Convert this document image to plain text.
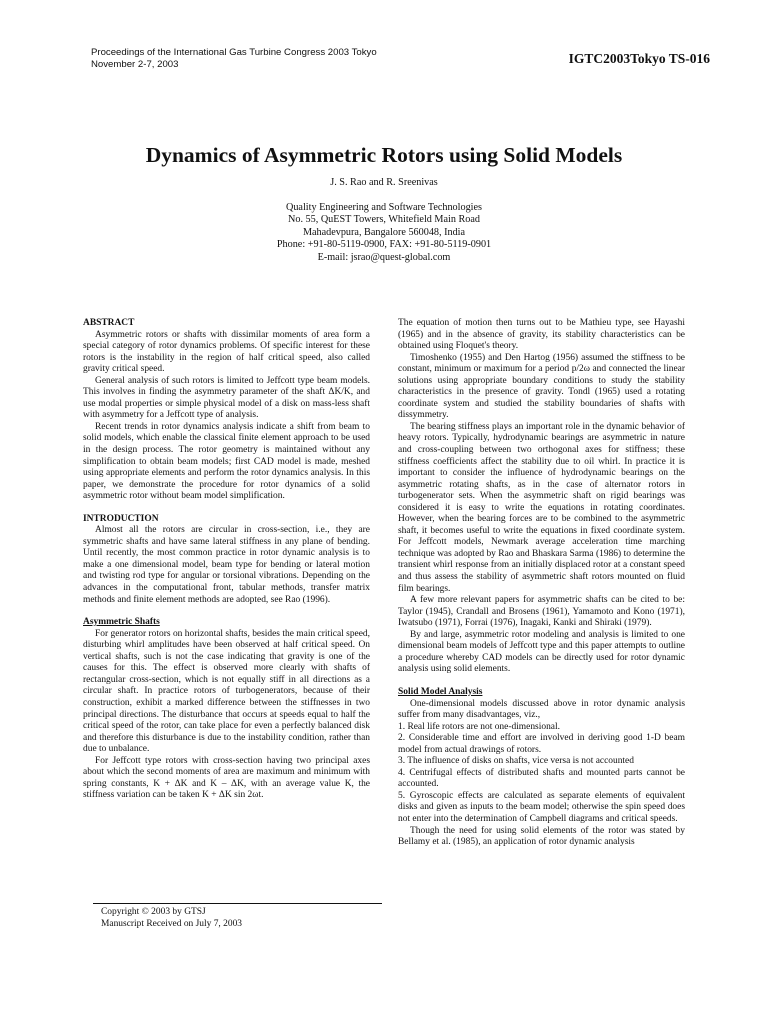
Proceedings of the International Gas Turbine Congress 2003 Tokyo
November 2-7, 2003	IGTC2003Tokyo TS-016
Dynamics of Asymmetric Rotors using Solid Models
J. S. Rao and R. Sreenivas
Quality Engineering and Software Technologies
No. 55, QuEST Towers, Whitefield Main Road
Mahadevpura, Bangalore 560048, India
Phone: +91-80-5119-0900, FAX: +91-80-5119-0901
E-mail: jsrao@quest-global.com

ABSTRACT

Asymmetric rotors or shafts with dissimilar moments of area form a special category of rotor dynamics problems. Of specific interest for these rotors is the instability in the region of half critical speed, also called gravity critical speed.

General analysis of such rotors is limited to Jeffcott type beam models. This involves in finding the asymmetry parameter of the shaft ΔK/K, and use modal properties or simple physical model of a disk on mass-less shaft with asymmetry for a Jeffcott type of analysis.

Recent trends in rotor dynamics analysis indicate a shift from beam to solid models, which enable the classical finite element approach to be used in the design process. The rotor geometry is maintained without any simplification to obtain beam models; first CAD model is made, meshed using appropriate elements and perform the rotor dynamics analysis. In this paper, we demonstrate the procedure for rotor dynamics of a solid asymmetric rotor without beam model simplification.

INTRODUCTION

Almost all the rotors are circular in cross-section, i.e., they are symmetric shafts and have same lateral stiffness in any plane of bending. Until recently, the most common practice in rotor dynamic analysis is to make a one dimensional model, beam type for bending or lateral motion and twisting rod type for angular or torsional vibrations. Depending on the advances in the computational front, tabular methods, transfer matrix methods and finite element methods are adopted, see Rao (1996).

Asymmetric Shafts

For generator rotors on horizontal shafts, besides the main critical speed, disturbing whirl amplitudes have been observed at half critical speed. On vertical shafts, such is not the case indicating that gravity is one of the causes for this. The effect is observed more clearly with shafts of rectangular cross-section, which is not equally stiff in all directions as a circular shaft. In practice rotors of turbogenerators, because of their construction, exhibit a marked difference between the stiffnesses in two principal directions. The disturbance that occurs at speeds equal to half the critical speed of the rotor, can take place for even a perfectly balanced disk and therefore this disturbance is due to the instability condition, rather than due to unbalance.

For Jeffcott type rotors with cross-section having two principal axes about which the second moments of area are maximum and minimum with spring constants, K + ΔK and K – ΔK, with an average value K, the stiffness variation can be taken K + ΔK sin 2ωt.

Copyright © 2003 by GTSJ
Manuscript Received on July 7, 2003

The equation of motion then turns out to be Mathieu type, see Hayashi (1965) and in the absence of gravity, its stability characteristics can be obtained using Floquet's theory.

Timoshenko (1955) and Den Hartog (1956) assumed the stiffness to be constant, minimum or maximum for a period p/2ω and connected the linear solutions using appropriate boundary conditions to study the stability characteristics in the presence of gravity. Tondl (1965) used a rotating coordinate system and studied the stability boundaries of shafts with dissymmetry.

The bearing stiffness plays an important role in the dynamic behavior of heavy rotors. Typically, hydrodynamic bearings are asymmetric in nature and cross-coupling between two orthogonal axes for stiffness; these stiffness coefficients affect the stability due to oil whirl. In practice it is important to consider the influence of hydrodynamic bearings on the asymmetric rotating shafts, as in the case of alternator rotors in turbogenerator sets. When the asymmetric shaft on rigid bearings was considered it is easy to write the equations in rotating coordinates. However, when the bearing forces are to be combined to the asymmetric shaft, it becomes useful to write the equations in fixed coordinate system. For Jeffcott models, Newmark average acceleration time marching technique was adopted by Rao and Bhaskara Sarma (1986) to determine the transient whirl response from an initially displaced rotor at a constant speed and thus assess the stability of asymmetric shaft rotors mounted on fluid film bearings.

A few more relevant papers for asymmetric shafts can be cited to be: Taylor (1945), Crandall and Brosens (1961), Yamamoto and Kono (1971), Iwatsubo (1971), Forrai (1976), Inagaki, Kanki and Shiraki (1979).

By and large, asymmetric rotor modeling and analysis is limited to one dimensional beam models of Jeffcott type and this paper attempts to outline a procedure whereby CAD models can be directly used for rotor dynamic analysis using solid elements.

Solid Model Analysis

One-dimensional models discussed above in rotor dynamic analysis suffer from many disadvantages, viz.,

1. Real life rotors are not one-dimensional.

2. Considerable time and effort are involved in deriving good 1-D beam model from actual drawings of rotors.

3. The influence of disks on shafts, vice versa is not accounted

4. Centrifugal effects of distributed shafts and mounted parts cannot be accounted.

5. Gyroscopic effects are calculated as separate elements of equivalent disks and given as inputs to the beam model; otherwise the spin speed does not enter into the determination of Campbell diagrams and critical speeds.

Though the need for using solid elements of the rotor was stated by Bellamy et al. (1985), an application of rotor dynamic analysis
